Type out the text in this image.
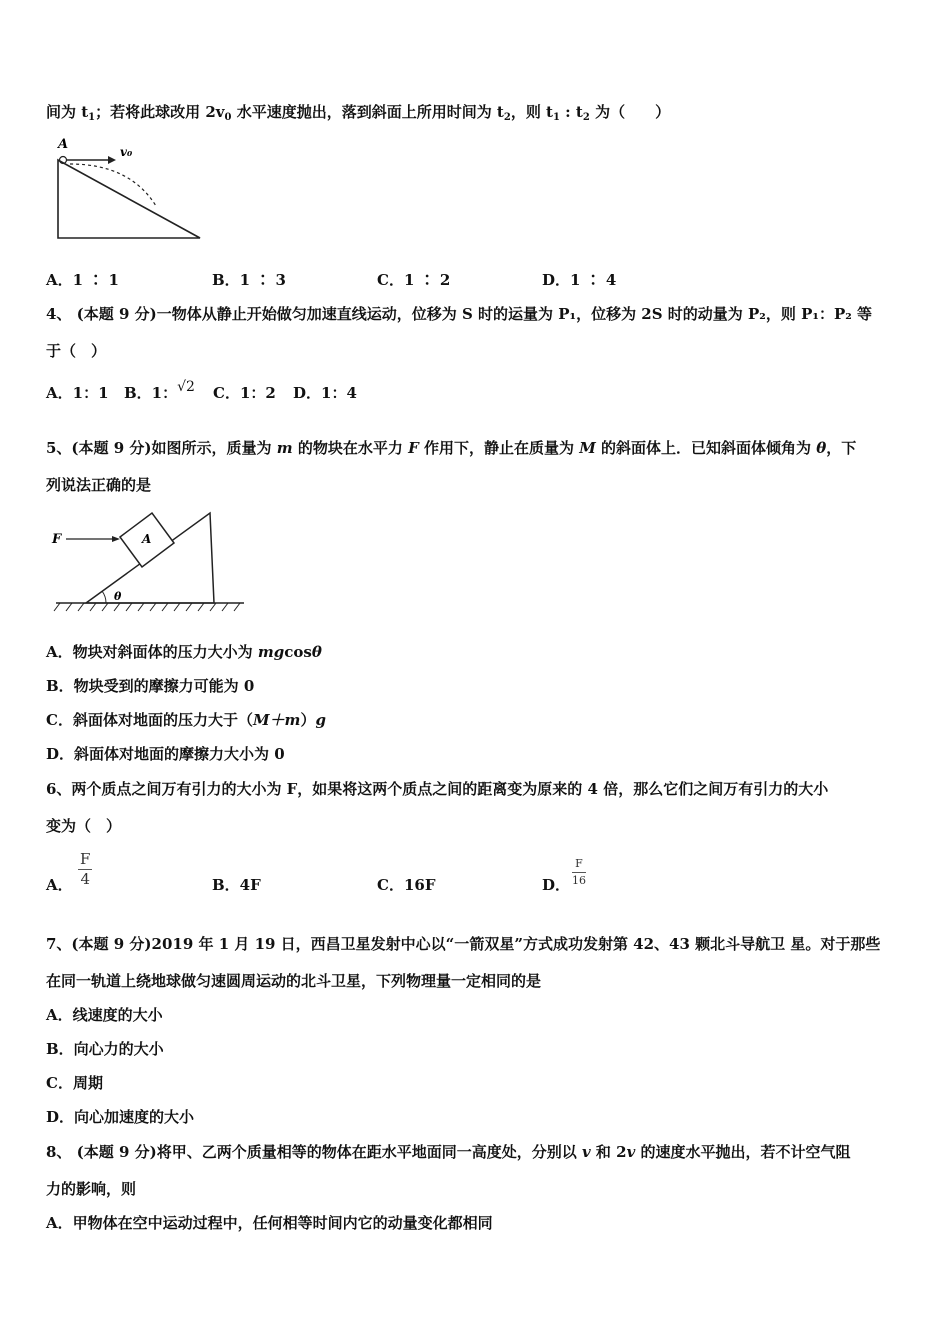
间为 $t_1$；若将此球改用 $2v_0$ 水平速度抛出，落到斜面上所用时间为 $t_2$，则 $t_1$ : $t_2$ 为（　　）
A	v₀
A．1 ∶ 1	B．1 ∶ 3	C．1 ∶ 2	D．1 ∶ 4
4、 (本题 9 分)一物体从静止开始做匀加速直线运动，位移为 S 时的运量为 P₁，位移为 2S 时的动量为 P₂，则 P₁：P₂ 等
于（　）
A．1：1 B．1：√2 C．1：2 D．1：4
5、(本题 9 分)如图所示，质量为 m 的物块在水平力 F 作用下，静止在质量为 M 的斜面体上．已知斜面体倾角为 θ，下
列说法正确的是
A
F
θ
A．物块对斜面体的压力大小为 mgcosθ
B．物块受到的摩擦力可能为 0
C．斜面体对地面的压力大于（M＋m）g
D．斜面体对地面的摩擦力大小为 0
6、两个质点之间万有引力的大小为 F，如果将这两个质点之间的距离变为原来的 4 倍，那么它们之间万有引力的大小
变为（　）
A． $\frac{F}{4}$	B．4F	C．16F	D． $\frac{F}{16}$
7、(本题 9 分)2019 年 1 月 19 日，西昌卫星发射中心以“一箭双星”方式成功发射第 42、43 颗北斗导航卫 星。对于那些
在同一轨道上绕地球做匀速圆周运动的北斗卫星，下列物理量一定相同的是
A．线速度的大小
B．向心力的大小
C．周期
D．向心加速度的大小
8、 (本题 9 分)将甲、乙两个质量相等的物体在距水平地面同一高度处，分别以 v 和 2v 的速度水平抛出，若不计空气阻
力的影响，则
A．甲物体在空中运动过程中，任何相等时间内它的动量变化都相同
